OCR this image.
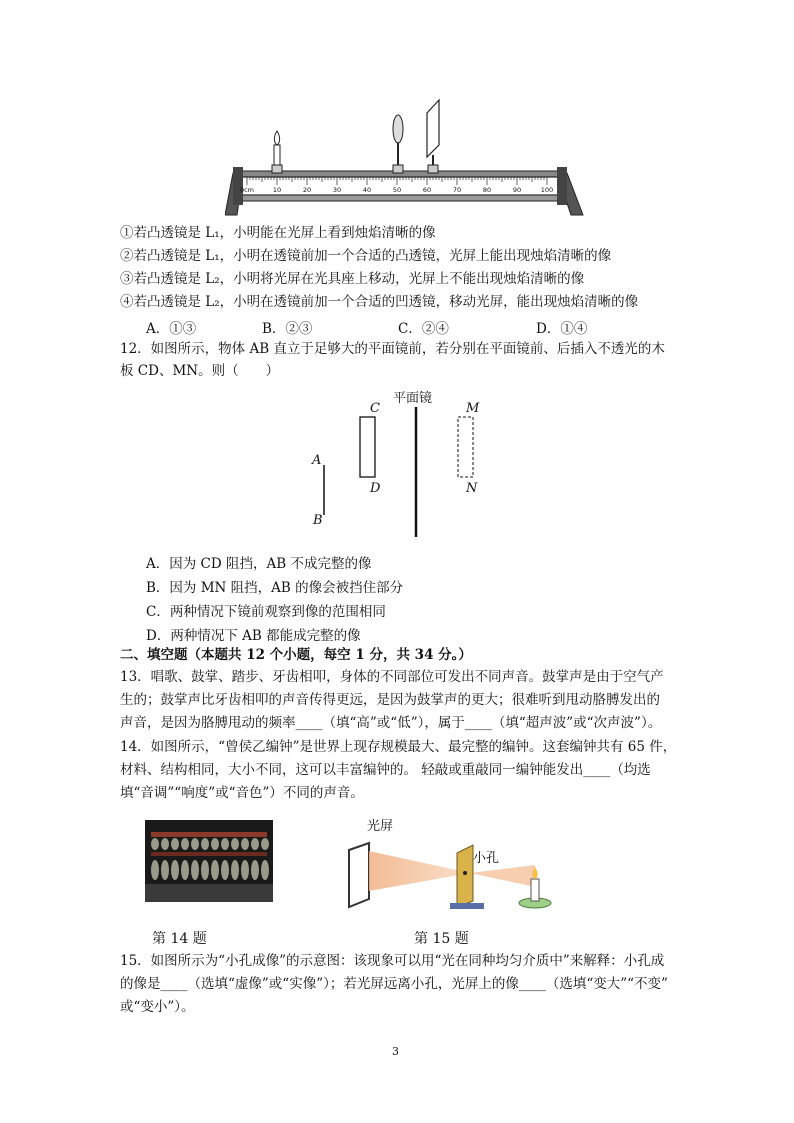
0cm	10	20	30	40	50	60	70	80	90	100
①若凸透镜是 L₁，小明能在光屏上看到烛焰清晰的像
②若凸透镜是 L₁，小明在透镜前加一个合适的凸透镜，光屏上能出现烛焰清晰的像
③若凸透镜是 L₂，小明将光屏在光具座上移动，光屏上不能出现烛焰清晰的像
④若凸透镜是 L₂，小明在透镜前加一个合适的凹透镜，移动光屏，能出现烛焰清晰的像
A．①③	B．②③	C．②④	D．①④
12．如图所示，物体 AB 直立于足够大的平面镜前，若分别在平面镜前、后插入不透光的木
板 CD、MN。则（　　）
平面镜
A
B
C
D
M
N
A．因为 CD 阻挡，AB 不成完整的像
B．因为 MN 阻挡，AB 的像会被挡住部分
C．两种情况下镜前观察到像的范围相同
D．两种情况下 AB 都能成完整的像
二、填空题（本题共 12 个小题，每空 1 分，共 34 分。）
13．唱歌、鼓掌、踏步、牙齿相叩，身体的不同部位可发出不同声音。鼓掌声是由于空气产
生的；鼓掌声比牙齿相叩的声音传得更远，是因为鼓掌声的更大；很难听到甩动胳膊发出的
声音，是因为胳膊甩动的频率____（填“高”或“低”），属于____（填“超声波”或“次声波”）。
14．如图所示，“曾侯乙编钟”是世界上现存规模最大、最完整的编钟。这套编钟共有 65 件，
材料、结构相同，大小不同，这可以丰富编钟的。 轻敲或重敲同一编钟能发出____（均选
填“音调”“响度”或“音色”）不同的声音。
光屏
小孔
第 14 题	第 15 题
15．如图所示为“小孔成像”的示意图：该现象可以用“光在同种均匀介质中”来解释：小孔成
的像是____（选填“虚像”或“实像”）；若光屏远离小孔，光屏上的像____（选填“变大”“不变”
或“变小”）。
3
